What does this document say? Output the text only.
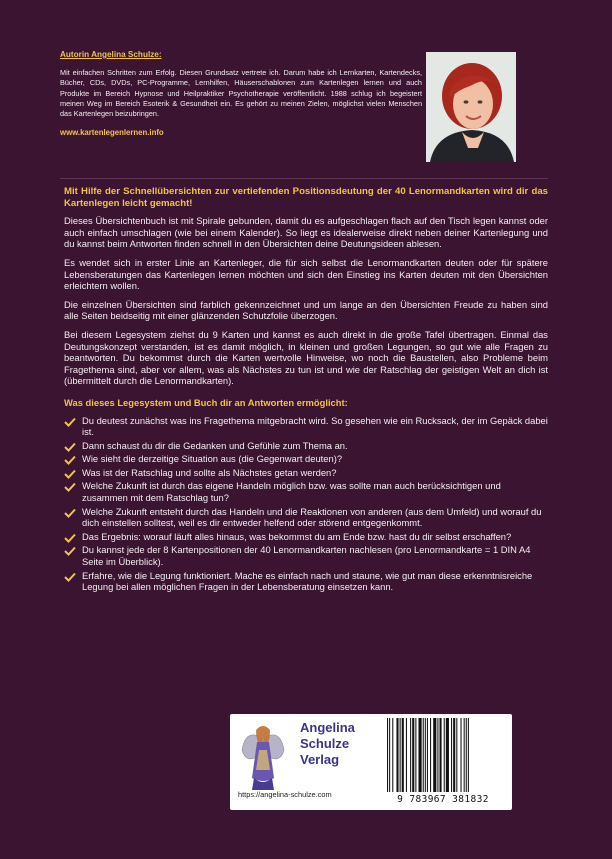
Autorin Angelina Schulze:
Mit einfachen Schritten zum Erfolg. Diesen Grundsatz vertrete ich. Darum habe ich Lernkarten, Kartendecks, Bücher, CDs, DVDs, PC-Programme, Lernhilfen, Häuserschablonen zum Kartenlegen lernen und auch Produkte im Bereich Hypnose und Heilpraktiker Psychotherapie veröffentlicht. 1988 schlug ich begeistert meinen Weg im Bereich Esoterik & Gesundheit ein. Es gehört zu meinen Zielen, möglichst vielen Menschen das Kartenlegen beizubringen.
www.kartenlegenlernen.info

Mit Hilfe der Schnellübersichten zur vertiefenden Positionsdeutung der 40 Lenormandkarten wird dir das Kartenlegen leicht gemacht!

Dieses Übersichtenbuch ist mit Spirale gebunden, damit du es aufgeschlagen flach auf den Tisch legen kannst oder auch einfach umschlagen (wie bei einem Kalender). So liegt es idealerweise direkt neben deiner Kartenlegung und du kannst beim Antworten finden schnell in den Übersichten deine Deutungsideen ablesen.

Es wendet sich in erster Linie an Kartenleger, die für sich selbst die Lenormandkarten deuten oder für spätere Lebensberatungen das Kartenlegen lernen möchten und sich den Einstieg ins Karten deuten mit den Übersichten erleichtern wollen.

Die einzelnen Übersichten sind farblich gekennzeichnet und um lange an den Übersichten Freude zu haben sind alle Seiten beidseitig mit einer glänzenden Schutzfolie überzogen.

Bei diesem Legesystem ziehst du 9 Karten und kannst es auch direkt in die große Tafel übertragen. Einmal das Deutungskonzept verstanden, ist es damit möglich, in kleinen und großen Legungen, so gut wie alle Fragen zu beantworten. Du bekommst durch die Karten wertvolle Hinweise, wo noch die Baustellen, also Probleme beim Fragethema sind, aber vor allem, was als Nächstes zu tun ist und wie der Ratschlag der geistigen Welt an dich ist (übermittelt durch die Lenormandkarten).

Was dieses Legesystem und Buch dir an Antworten ermöglicht:
Du deutest zunächst was ins Fragethema mitgebracht wird. So gesehen wie ein Rucksack, der im Gepäck dabei ist.
Dann schaust du dir die Gedanken und Gefühle zum Thema an.
Wie sieht die derzeitige Situation aus (die Gegenwart deuten)?
Was ist der Ratschlag und sollte als Nächstes getan werden?
Welche Zukunft ist durch das eigene Handeln möglich bzw. was sollte man auch berücksichtigen und zusammen mit dem Ratschlag tun?
Welche Zukunft entsteht durch das Handeln und die Reaktionen von anderen (aus dem Umfeld) und worauf du dich einstellen solltest, weil es dir entweder helfend oder störend entgegenkommt.
Das Ergebnis: worauf läuft alles hinaus, was bekommst du am Ende bzw. hast du dir selbst erschaffen?
Du kannst jede der 8 Kartenpositionen der 40 Lenormandkarten nachlesen (pro Lenormandkarte = 1 DIN A4 Seite im Überblick).
Erfahre, wie die Legung funktioniert. Mache es einfach nach und staune, wie gut man diese erkenntnisreiche Legung bei allen möglichen Fragen in der Lebensberatung einsetzen kann.
Angelina
Schulze
Verlag
https://angelina-schulze.com	9 783967 381832
